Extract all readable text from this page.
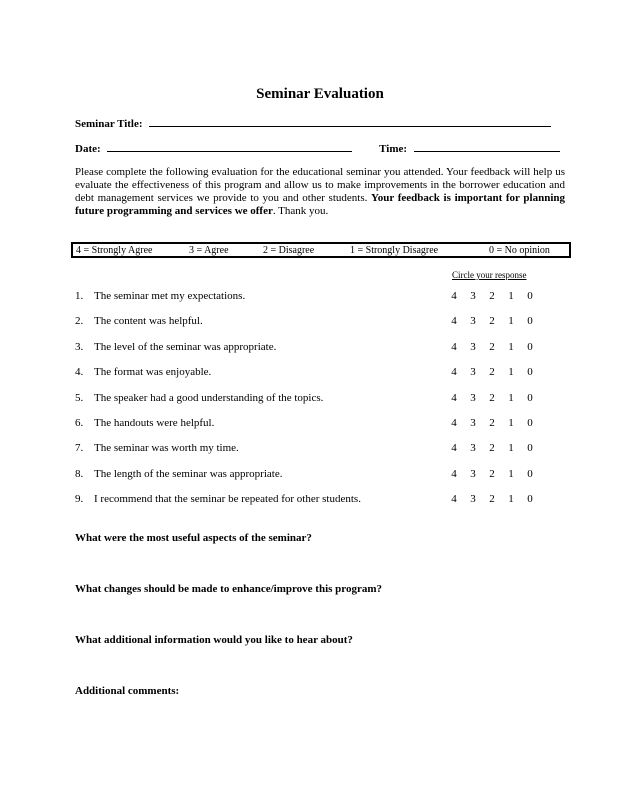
Seminar Evaluation
Seminar Title:
Date:	Time:
Please complete the following evaluation for the educational seminar you attended. Your feedback will help us evaluate the effectiveness of this program and allow us to make improvements in the borrower education and debt management services we provide to you and other students. Your feedback is important for planning future programming and services we offer. Thank you.
4 = Strongly Agree	3 = Agree	2 = Disagree	1 = Strongly Disagree	0 = No opinion
Circle your response
1. The seminar met my expectations.	4 3 2 1 0
2. The content was helpful.	4 3 2 1 0
3. The level of the seminar was appropriate.	4 3 2 1 0
4. The format was enjoyable.	4 3 2 1 0
5. The speaker had a good understanding of the topics.	4 3 2 1 0
6. The handouts were helpful.	4 3 2 1 0
7. The seminar was worth my time.	4 3 2 1 0
8. The length of the seminar was appropriate.	4 3 2 1 0
9. I recommend that the seminar be repeated for other students.	4 3 2 1 0
What were the most useful aspects of the seminar?
What changes should be made to enhance/improve this program?
What additional information would you like to hear about?
Additional comments:
